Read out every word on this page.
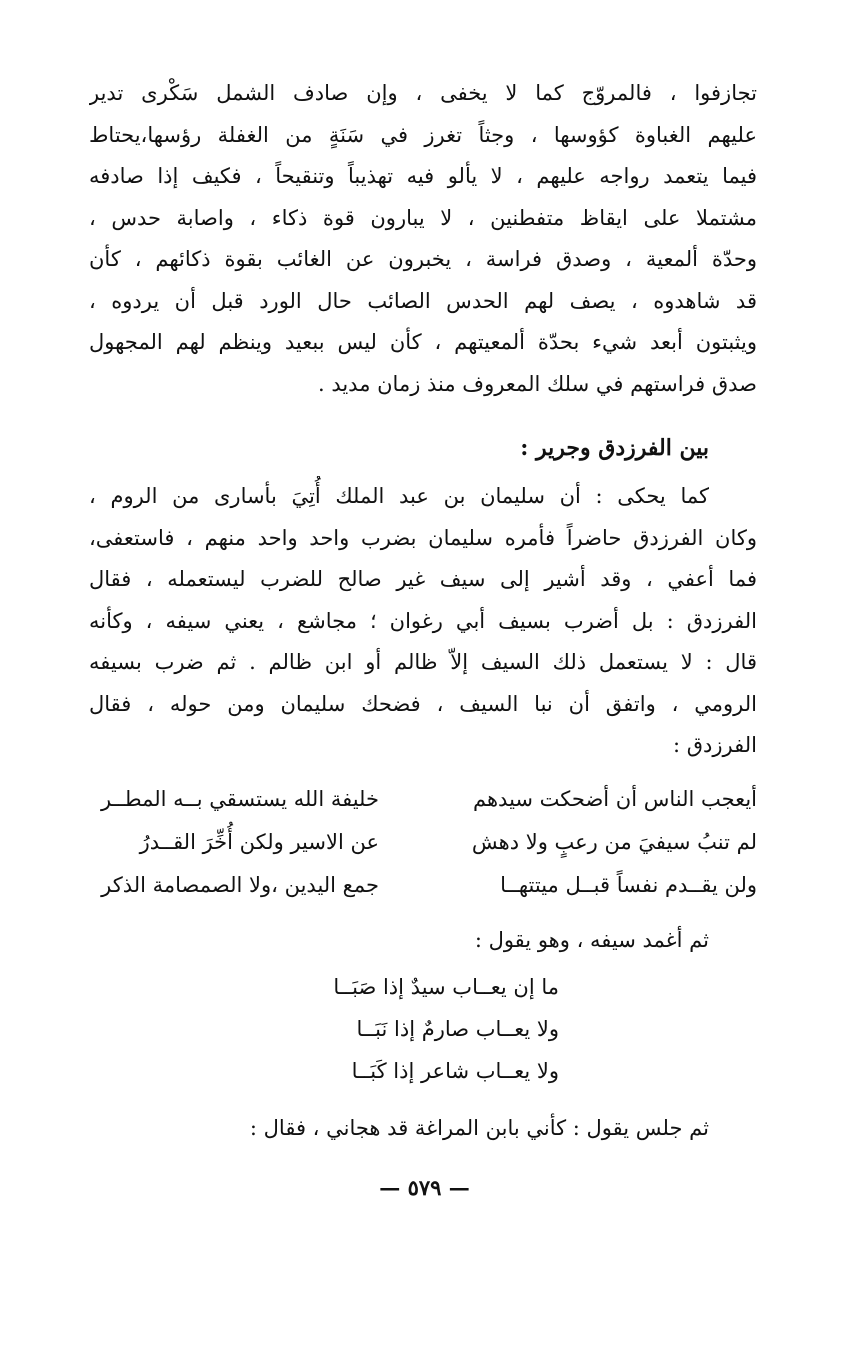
تجازفوا ، فالمروّج كما لا يخفى ، وإن صادف الشمل سَكْرى تدير
عليهم الغباوة كؤوسها ، وجثاً تغرز في سَنَةٍ من الغفلة رؤسها،يحتاط
فيما يتعمد رواجه عليهم ، لا يألو فيه تهذيباً وتنقيحاً ، فكيف إذا صادفه
مشتملا على ايقاظ متفطنين ، لا يبارون قوة ذكاء ، واصابة حدس ،
وحدّة ألمعية ، وصدق فراسة ، يخبرون عن الغائب بقوة ذكائهم ، كأن
قد شاهدوه ، يصف لهم الحدس الصائب حال الورد قبل أن يردوه ،
ويثبتون أبعد شيء بحدّة ألمعيتهم ، كأن ليس ببعيد وينظم لهم المجهول
صدق فراستهم في سلك المعروف منذ زمان مديد .
بين الفرزدق وجرير :
كما يحكى : أن سليمان بن عبد الملك أُتِيَ بأسارى من الروم ،
وكان الفرزدق حاضراً فأمره سليمان بضرب واحد واحد منهم ، فاستعفى،
فما أعفي ، وقد أشير إلى سيف غير صالح للضرب ليستعمله ، فقال
الفرزدق : بل أضرب بسيف أبي رغوان ؛ مجاشع ، يعني سيفه ، وكأنه
قال : لا يستعمل ذلك السيف إلاّ ظالم أو ابن ظالم . ثم ضرب بسيفه
الرومي ، واتفق أن نبا السيف ، فضحك سليمان ومن حوله ، فقال
الفرزدق :
أيعجب الناس أن أضحكت سيدهم
خليفة الله يستسقي بــه المطــر
لم تنبُ سيفيَ من رعبٍ ولا دهش
عن الاسير ولكن أُخِّرَ القــدرُ
ولن يقــدم نفساً قبــل ميتتهــا
جمع اليدين ،ولا الصمصامة الذكر
ثم أغمد سيفه ، وهو يقول :
ما إن يعــاب سيدٌ إذا صَبَــا
ولا يعــاب صارمٌ إذا نَبَــا
ولا يعــاب شاعر إذا كَبَــا
ثم جلس يقول : كأني بابن المراغة قد هجاني ، فقال :
— ٥٧٩ —
